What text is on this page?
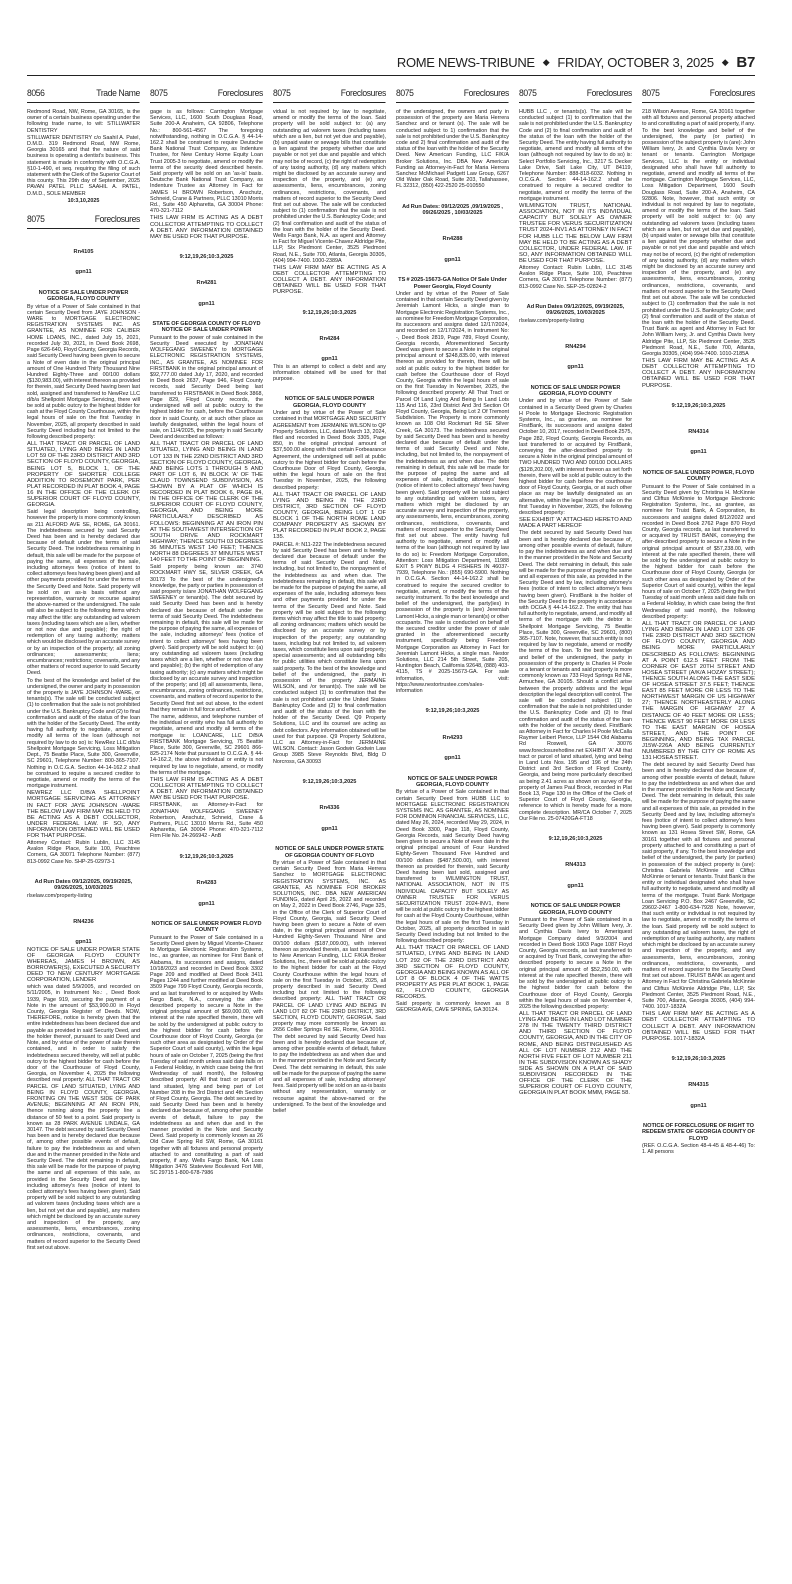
ROME NEWS-TRIBUNE ◆ FRIDAY, OCTOBER 3, 2025 ◆ B7
8056	Trade Name
Redmond Road, NW, Rome, GA 30165, is the owner of a certain business operating under the following trade name, to wit: STILLWATER DENTISTRY
STILLWATER DENTISTRY c/o Saahil A. Patel, D.M.D. 319 Redmond Road, NW Rome, Georgia 30165 and that the nature of said business is operating a dentist's business. This statement is made in conformity with O.C.G.A. §10-1-490, et seq. requiring the filing of such statement with the Clerk of the Superior Court of this county. This 29th day of September, 2025 PAVAN PATEL PLLC SAAHIL A. PATEL, D.M.D., SOLE MEMBER
10:3,10,2025
8075	Foreclosures
Rn4105
gpn11
NOTICE OF SALE UNDER POWER GEORGIA, FLOYD COUNTY
By virtue of a Power of Sale contained in that certain Security Deed from JAYE JOHNSON -WARE to MORTGAGE ELECTRONIC REGISTRATION SYSTEMS INC. AS GRANTEE, AS NOMINEE FOR CALIBER HOME LOANS, INC., dated July 15, 2021, recorded July 30, 2021, in Deed Book 2698, Page 626-640, Floyd County, Georgia Records, said Security Deed having been given to secure a Note of even date in the original principal amount of One Hundred Thirty Thousand Nine Hundred Eighty-Three and 00/100 dollars ($130,983.00), with interest thereon as provided for therein, said Security Deed having been last sold, assigned and transferred to NewRez LLC d/b/a Shellpoint Mortgage Servicing, there will be sold at public outcry to the highest bidder for cash at the Floyd County Courthouse, within the legal hours of sale on the first Tuesday in November, 2025, all property described in said Security Deed including but not limited to the following described property:
ALL THAT TRACT OR PARCEL OF LAND SITUATED, LYING AND BEING IN LAND LOT 59 OF THE 23RD DISTRICT AND 3RD SECTION OF FLOYD COUNTY, GEORGIA, BEING LOT 5, BLOCK 1, OF THE PROPERTY OF SHORTER COLLEGE ADDITION TO ROSEMONT PARK, PER PLAT RECORDED IN PLAT BOOK 4, PAGE 16 IN THE OFFICE OF THE CLERK OF SUPERIOR COURT OF FLOYD COUNTY, GEORGIA.
Said legal description being controlling, however the property is more commonly known as 211 ALFORD AVE SE, ROME, GA 30161. The indebtedness secured by said Security Deed has been and is hereby declared due because of default under the terms of said Security Deed. The indebtedness remaining in default, this sale will be made for the purpose of paying the same, all expenses of the sale, including attorneys fees (notice of intent to collect attorneys fees having been given) and all other payments provided for under the terms of the Security Deed and Note. Said property will be sold on an as-is basis without any representation, warranty or recourse against the above-named or the undersigned. The sale will also be subject to the following items which may affect the title: any outstanding ad valorem taxes (including taxes which are a lien, whether or not now due and payable); the right of redemption of any taxing authority; matters which would be disclosed by an accurate survey or by an inspection of the property; all zoning ordinances; assessments; liens; encumbrances; restrictions; covenants, and any other matters of record superior to said Security Deed.
To the best of the knowledge and belief of the undersigned, the owner and party in possession of the property is JAYE JOHNSON -WARE, or tenants(s). The sale will be conducted subject (1) to confirmation that the sale is not prohibited under the U.S. Bankruptcy Code and (2) to final confirmation and audit of the status of the loan with the holder of the Security Deed. The entity having full authority to negotiate, amend or modify all terms of the loan (although not required by law to do so) is: NewRez LLC d/b/a Shellpoint Mortgage Servicing, Loss Mitigation Dept., 75 Beattie Place, Suite 300, Greenville, SC 29601, Telephone Number: 800-365-7107. Nothing in O.C.G.A. Section 44-14-162.2 shall be construed to require a secured creditor to negotiate, amend or modify the terms of the mortgage instrument.
NEWREZ LLC D/B/A SHELLPOINT MORTGAGE SERVICING AS ATTORNEY IN FACT FOR JAYE JOHNSON -WARE THE BELOW LAW FIRM MAY BE HELD TO BE ACTING AS A DEBT COLLECTOR, UNDER FEDERAL LAW. IF SO, ANY INFORMATION OBTAINED WILL BE USED FOR THAT PURPOSE.
Attorney Contact: Rubin Lublin, LLC 3145 Avalon Ridge Place, Suite 100, Peachtree Corners, GA 30071 Telephone Number: (877) 813-0992 Case No. SHP-25-02973-1
Ad Run Dates 09/12/2025, 09/19/2025, 09/26/2025, 10/03/2025
rlselaw.com/property-listing
RN4236
gpn11
NOTICE OF SALE UNDER POWER STATE OF GEORGIA FLOYD COUNTY WHEREAS, JAMES H BROWN, AS BORROWER(S), EXECUTED A SECURITY DEED TO NEW CENTURY MORTGAGE CORPORATION, LENDER
which was dated 5/9/2005, and recorded on 5/11/2005, in Instrument No.: , Deed Book 1939, Page 919, securing the payment of a Note in the amount of $53,900.00 in Floyd County, Georgia Register of Deeds. NOW, THEREFORE, notice is hereby given that the entire indebtedness has been declared due and payable as provided in said Security Deed, and the holder thereof, pursuant to said Deed and Note, and by virtue of the power of sale therein contained, and in order to satisfy the indebtedness secured thereby, will sell at public outcry to the highest bidder for cash before the door of the Courthouse of Floyd County, Georgia, on November 4, 2025 the following described real property: ALL THAT TRACT OR PARCEL OF LAND SITUATED, LYING AND BEING IN FLOYD COUNTY, GEORGIA, FRONTING ON THE WEST SIDE OF PARK AVENUE; BEGINNING AT AN IRON PIN, thence running along the property line a distance of 50 feet to a point. Said property is known as 28 PARK AVENUE LINDALE, GA 30147. The debt secured by said Security Deed has been and is hereby declared due because of, among other possible events of default, failure to pay the indebtedness as and when due and in the manner provided in the Note and Security Deed. The debt remaining in default, this sale will be made for the purpose of paying the same and all expenses of this sale, as provided in the Security Deed and by law, including attorney's fees (notice of intent to collect attorney's fees having been given). Said property will be sold subject to any outstanding ad valorem taxes (including taxes which are a lien, but not yet due and payable), any matters which might be disclosed by an accurate survey and inspection of the property, any assessments, liens, encumbrances, zoning ordinances, restrictions, covenants, and matters of record superior to the Security Deed first set out above.
8075	Foreclosures
gage is as follows: Carrington Mortgage Services, LLC, 1600 South Douglass Road, Suite 200-A Anaheim, CA 92806, Telephone No.: 800-561-4567 The foregoing notwithstanding, nothing in O.C.G.A. § 44-14-162.2 shall be construed to require Deutsche Bank National Trust Company, as Indenture Trustee, for New Century Home Equity Loan Trust 2005-3 to negotiate, amend or modify the terms of the security deed described herein. Said property will be sold on an 'as-is' basis. Deutsche Bank National Trust Company, as Indenture Trustee as Attorney in Fact for JAMES H BROWN Robertson, Anschutz, Schneid, Crane & Partners, PLLC 13010 Morris Rd., Suite 450 Alpharetta, GA 30004 Phone: 470-321-7112
THIS LAW FIRM IS ACTING AS A DEBT COLLECTOR ATTEMPTING TO COLLECT A DEBT. ANY INFORMATION OBTAINED MAY BE USED FOR THAT PURPOSE.
9:12,19,26;10:3,2025
Rn4281
gpn11
STATE OF GEORGIA COUNTY OF FLOYD NOTICE OF SALE UNDER POWER
Pursuant to the power of sale contained in the Security Deed executed by JONATHAN WOLFEGANG SWEENEY to MORTGAGE ELECTRONIC REGISTRATION SYSTEMS, INC., AS GRANTEE, AS NOMINEE FOR FIRSTBANK in the original principal amount of $92,777.00 dated July 17, 2020, and recorded in Deed Book 2637, Page 946, Floyd County records, said Security Deed being last transferred to FIRSTBANK in Deed Book 3868, Page 829, Floyd County records, the undersigned will sell at public outcry to the highest bidder for cash, before the Courthouse door in said County, or at such other place as lawfully designated, within the legal hours of sale, on 11/4/2025, the property in said Security Deed and described as follows:
ALL THAT TRACT OR PARCEL OF LAND SITUATED, LYING AND BEING IN LAND LOT 133 IN THE 22ND DISTRICT AND 3RD SECTION OF FLOYD COUNTY, GEORGIA, AND BEING LOTS 1 THROUGH 5 AND PART OF LOT 6, IN BLOCK 'A' OF THE CLAUD TOWNSEND SUBDIVISION, AS SHOWN BY A PLAT OF WHICH IS RECORDED IN PLAT BOOK 6, PAGE 84, IN THE OFFICE OF THE CLERK OF THE SUPERIOR COURT OF FLOYD COUNTY, GEORGIA, AND BEING MORE PARTICULARLY DESCRIBED AS FOLLOWS: BEGINNING AT AN IRON PIN AT THE SOUTHWEST INTERSECTION OF SOUTH DRIVE AND ROCKMART HIGHWAY; THENCE SOUTH 03 DEGREES 36 MINUTES WEST 140 FEET; THENCE NORTH 88 DEGREES 37 MINUTES WEST 140 FEET TO THE POINT OF BEGINNING.
Said property being known as: 3740 ROCKMART HWY SE, SILVER CREEK, GA 30173 To the best of the undersigned's knowledge, the party or parties in possession of said property is/are JONATHAN WOLFEGANG SWEENEY or tenant(s). The debt secured by said Security Deed has been and is hereby declared due because of default under the terms of said Security Deed. The indebtedness remaining in default, this sale will be made for the purpose of paying the same, all expenses of the sale, including attorneys' fees (notice of intent to collect attorneys' fees having been given). Said property will be sold subject to: (a) any outstanding ad valorem taxes (including taxes which are a lien, whether or not now due and payable); (b) the right of redemption of any taxing authority; (c) any matters which might be disclosed by an accurate survey and inspection of the property; and (d) all assessments, liens, encumbrances, zoning ordinances, restrictions, covenants, and matters of record superior to the Security Deed first set out above, to the extent that they remain in full force and effect.
The name, address, and telephone number of the individual or entity who has full authority to negotiate, amend and modify all terms of the mortgage is: LOANCARE, LLC D/B/A FIRSTBANK Mortgage Servicing, 75 Beattie Place, Suite 300, Greenville, SC 29601 866-825-2174 Note that pursuant to O.C.G.A. § 44-14-162.2, the above individual or entity is not required by law to negotiate, amend, or modify the terms of the mortgage.
THIS LAW FIRM IS ACTING AS A DEBT COLLECTOR ATTEMPTING TO COLLECT A DEBT. ANY INFORMATION OBTAINED MAY BE USED FOR THAT PURPOSE.
FIRSTBANK, as Attorney-in-Fact for JONATHAN WOLFEGANG SWEENEY Robertson, Anschutz, Schneid, Crane & Partners, PLLC 13010 Morris Rd., Suite 450 Alpharetta, GA 30004 Phone: 470-321-7112 Firm File No. 24-266942 - AnB
9:12,19,26;10:3,2025
Rn4283
gpn11
NOTICE OF SALE UNDER POWER FLOYD COUNTY
Pursuant to the Power of Sale contained in a Security Deed given by Miguel Vicente-Chavez to Mortgage Electronic Registration Systems, Inc., as grantee, as nominee for First Bank of Alabama, its successors and assigns, dated 10/18/2023 and recorded in Deed Book 3302 Page 209 and modified at Deed Book 3411 Pages 1244 and further modified at Deed Book 3509 Page 799 Floyd County, Georgia records, and as last transferred to or acquired by Wells Fargo Bank, N.A., conveying the after-described property to secure a Note in the original principal amount of $69,000.00, with interest at the rate specified therein, there will be sold by the undersigned at public outcry to the highest bidder for cash before the Courthouse door of Floyd County, Georgia (or such other area as designated by Order of the Superior Court of said county), within the legal hours of sale on October 7, 2025 (being the first Tuesday of said month unless said date falls on a Federal Holiday, in which case being the first Wednesday of said month), the following described property: All that tract or parcel of land situated, lying and being part of Lot Number 208 in the 3rd District and 4th Section of Floyd County, Georgia. The debt secured by said Security Deed has been and is hereby declared due because of, among other possible events of default, failure to pay the indebtedness as and when due and in the manner provided in the Note and Security Deed. Said property is commonly known as 26 Old Cave Spring Rd SW, Rome, GA 30161 together with all fixtures and personal property attached to and constituting a part of said property, if any. Wells Fargo Bank, NA Loss Mitigation 3476 Stateview Boulevard Fort Mill, SC 29715 1-800-678-7986
8075	Foreclosures
vidual is not required by law to negotiate, amend or modify the terms of the loan. Said property will be sold subject to: (a) any outstanding ad valorem taxes (including taxes which are a lien, but not yet due and payable), (b) unpaid water or sewage bills that constitute a lien against the property whether due and payable or not yet due and payable and which may not be of record, (c) the right of redemption of any taxing authority, (d) any matters which might be disclosed by an accurate survey and inspection of the property, and (e) any assessments, liens, encumbrances, zoning ordinances, restrictions, covenants, and matters of record superior to the Security Deed first set out above. The sale will be conducted subject to (1) confirmation that the sale is not prohibited under the U.S. Bankruptcy Code; and (2) final confirmation and audit of the status of the loan with the holder of the Security Deed. Wells Fargo Bank, N.A. as agent and Attorney in Fact for Miguel Vicente-Chavez Aldridge Pite, LLP, Six Piedmont Center, 3525 Piedmont Road, N.E., Suite 700, Atlanta, Georgia 30305, (404) 994-7400. 1000-2389A
THIS LAW FIRM MAY BE ACTING AS A DEBT COLLECTOR ATTEMPTING TO COLLECT A DEBT. ANY INFORMATION OBTAINED WILL BE USED FOR THAT PURPOSE.
9:12,19,26;10:3,2025
Rn4284
gpn11
This is an attempt to collect a debt and any information obtained will be used for that purpose.
NOTICE OF SALE UNDER POWER GEORGIA, FLOYD COUNTY
Under and by virtue of the Power of Sale contained in that MORTGAGE AND SECURITY AGREEMENT from JERMAINE WILSON to QP Property Solutions, LLC, dated March 13, 2024, filed and recorded in Deed Book 3305, Page 850, in the original principal amount of $37,500.00 along with that certain Forbearance Agreement, the undersigned will sell at public outcry to the highest bidder for cash before the Courthouse Door of Floyd County, Georgia, within the legal hours of sale on the first Tuesday in November, 2025, the following described property:
ALL THAT TRACT OR PARCEL OF LAND LYING AND BEING IN THE 23RD DISTRICT, 3RD SECTION OF FLOYD COUNTY, GEORGIA, BEING LOT 1 OF BLOCK 1 OF THE NORTH ROME LAND COMPANY PROPERTY AS SHOWN BY PLAT RECORDED IN PLAT BOOK 2, PAGE 135.
PARCEL #: N11-222 The indebtedness secured by said Security Deed has been and is hereby declared due because of default under the terms of said Security Deed and Note, including, but not limited to, the nonpayment of the indebtedness as and when due. The indebtedness remaining in default, this sale will be made for the purpose of paying the same, all expenses of the sale, including attorneys fees and other payments provided for under the terms of the Security Deed and Note. Said property will be sold subject to the following items which may affect the title to said property: all zoning ordinances; matters which would be disclosed by an accurate survey or by inspection of the property; any outstanding taxes, including but not limited to, ad valorem taxes, which constitute liens upon said property; special assessments; and all outstanding bills for public utilities which constitute liens upon said property. To the best of the knowledge and belief of the undersigned, the party in possession of the property JERMAINE WILSON, and /or tenant(s). The sale will be conducted subject (1) to confirmation that the sale is not prohibited under the United States Bankruptcy Code and (2) to final confirmation and audit of the status of the loan with the holder of the Security Deed. Q9 Property Solutions, LLC and its counsel are acting as debt collectors. Any information obtained will be used for that purpose. Q9 Property Solutions, LLC as Attorney-in-Fact for JERMAINE WILSON. Contact: Jason Godwin Godwin Law Group 3985 Steve Reynolds Blvd, Bldg D Norcross, GA 30093
9:12,19,26;10:3,2025
Rn4336
gpn11
NOTICE OF SALE UNDER POWER STATE OF GEORGIA COUNTY OF FLOYD
By virtue of a Power of Sale contained in that certain Security Deed from Maria Herrera Sanchez to MORTGAGE ELECTRONIC REGISTRATION SYSTEMS, INC. AS GRANTEE, AS NOMINEE FOR BROKER SOLUTIONS, INC. DBA NEW AMERICAN FUNDING, dated April 25, 2022 and recorded on May 2, 2022 in Deed Book 2746, Page 325, in the Office of the Clerk of Superior Court of Floyd County, Georgia, said Security Deed having been given to secure a Note of even date, in the original principal amount of One Hundred Eighty-Seven Thousand Nine and 00/100 dollars ($187,009.00), with interest thereon as provided therein, as last transferred to New American Funding, LLC F/K/A Broker Solutions, Inc., there will be sold at public outcry to the highest bidder for cash at the Floyd County Courthouse within the legal hours of sale on the first Tuesday in October, 2025, all property described in said Security Deed including but not limited to the following described property: ALL THAT TRACT OR PARCEL OF LAND LYING AND BEING IN LAND LOT 82 OF THE 23RD DISTRICT, 3RD SECTION, FLOYD COUNTY, GEORGIA. Said property may more commonly be known as 2656 Collier Springs Rd SE, Rome, GA 30161. The debt secured by said Security Deed has been and is hereby declared due because of, among other possible events of default, failure to pay the indebtedness as and when due and in the manner provided in the Note and Security Deed. The debt remaining in default, this sale will be made for the purpose of paying the same and all expenses of sale, including attorneys' fees. Said property will be sold on an as-is basis without any representation, warranty or recourse against the above-named or the undersigned. To the best of the knowledge and belief
8075	Foreclosures
of the undersigned, the owners and party in possession of the property are Maria Herrera Sanchez and or tenant (s). The sale will be conducted subject to 1) confirmation that the sale is not prohibited under the U.S. Bankruptcy code and 2) final confirmation and audit of the status of the loan with the holder of the Security Deed. New American Funding, LLC F/K/A Broker Solutions, Inc. DBA New American Funding as Attorney-in-Fact for Maria Herrera Sanchez McMichael Padgett Law Group, 6267 Old Water Oak Road, Suite 203, Tallahassee, FL 32312, (850) 422-2520 25-010550
Ad Run Dates: 09/12/2025 ,09/19/2025 , 09/26/2025 , 10/03/2025
Rn4288
gpn11
TS # 2025-15673-GA Notice Of Sale Under Power Georgia, Floyd County
Under and by virtue of the Power of Sale contained in that certain Security Deed given by Jeremiah Lamont Hicks, a single man to Mortgage Electronic Registration Systems, Inc., as nominee for Freedom Mortgage Corporation, its successors and assigns dated 12/17/2024, and recorded on 12/17/2024, in Instrument No: -, Deed Book 2819, Page 789, Floyd County, Georgia records, Aforementioned Security Deed was given to secure a Note in the original principal amount of $248,835.00, with interest thereon as provided for therein, there will be sold at public outcry to the highest bidder for cash before the Courthouse door of Floyd County, Georgia within the legal hours of sale on the first Tuesday in November, 2025, the following described property: All That Tract or Parcel Of Land Lying And Being In Land Lots 115 And 116, 23rd District And 3rd Section Of Floyd County, Georgia, Being Lot 2 Of Tremont Subdivision. The Property is more commonly known as 108 Old Rockmart Rd SE Silver Creek, GA 30173. The indebtedness secured by said Security Deed has been and is hereby declared due because of default under the terms of said Security Deed and Note, including, but not limited to, the nonpayment of the indebtedness as and when due. The debt remaining in default, this sale will be made for the purpose of paying the same and all expenses of sale, including attorneys' fees (notice of intent to collect attorneys' fees having been given). Said property will be sold subject to any outstanding ad valorem taxes, any matters which might be disclosed by an accurate survey and inspection of the property, any assessments, liens, encumbrances, zoning ordinances, restrictions, covenants, and matters of record superior to the Security Deed first set out above. The entity having full authority to negotiate, amend or modify all terms of the loan (although not required by law to do so) is: Freedom Mortgage Corporation, Attention: Loss Mitigation Department, 11988 EXIT 5 PKWY BLDG 4 FISHERS IN 46037-7939, Telephone No.: (855) 690-5900. Nothing in O.C.G.A. Section 44-14-162.2 shall be construed to require the secured creditor to negotiate, amend, or modify the terms of the security instrument. To the best knowledge and belief of the undersigned, the party(ies) in possession of the property is (are) Jeremiah Lamont Hicks, a single man or tenant(s) or other occupants. The sale is conducted on behalf of the secured creditor under the power of sale granted in the aforementioned security instrument, specifically being Freedom Mortgage Corporation as Attorney in Fact for Jeremiah Lamont Hicks, a single man. Nestor Solutions, LLC 214 5th Street, Suite 205, Huntington Beach, California 92648, (888) 403-4115, TS # 2025-15673-GA. For sale information, visit: https://www.nestortrustee.com/sales-information
9:12,19,26;10:3,2025
Rn4293
gpn11
NOTICE OF SALE UNDER POWER GEORGIA, FLOYD COUNTY
By virtue of a Power of Sale contained in that certain Security Deed from HUBB LLC to MORTGAGE ELECTRONIC REGISTRATION SYSTEMS INC. AS GRANTEE, AS NOMINEE FOR DOMINION FINANCIAL SERVICES, LLC, dated May 26, 2024, recorded May 29, 2024, in Deed Book 3300, Page 118, Floyd County, Georgia Records, said Security Deed having been given to secure a Note of even date in the original principal amount of Four Hundred Eighty-Seven Thousand Five Hundred and 00/100 dollars ($487,500.00), with interest thereon as provided for therein, said Security Deed having been last sold, assigned and transferred to WILMINGTON TRUST, NATIONAL ASSOCIATION, NOT IN ITS INDIVIDUAL CAPACITY BUT SOLELY AS OWNER TRUSTEE FOR VERUS SECURITIZATION TRUST 2024-INV1, there will be sold at public outcry to the highest bidder for cash at the Floyd County Courthouse, within the legal hours of sale on the first Tuesday in October, 2025, all property described in said Security Deed including but not limited to the following described property:
ALL THAT TRACT OR PARCEL OF LAND SITUATED, LYING AND BEING IN LAND LOT 292 OF THE 23RD DISTRICT AND 3RD SECTION OF FLOYD COUNTY, GEORGIA AND BEING KNOWN AS ALL OF LOT 8 OF BLOCK 4 OF THE WATTS PROPERTY AS PER PLAT BOOK 1, PAGE 62, FLOYD COUNTY, GEORGIA RECORDS.
Said property is commonly known as 8 GEORGIA AVE, CAVE SPRING, GA 30124.
8075	Foreclosures
HUBB LLC , or tenants(s). The sale will be conducted subject (1) to confirmation that the sale is not prohibited under the U.S. Bankruptcy Code and (2) to final confirmation and audit of the status of the loan with the holder of the Security Deed. The entity having full authority to negotiate, amend and modify all terms of the loan (although not required by law to do so) is: Select Portfolio Servicing, Inc., 3217 S. Decker Lake Drive, Salt Lake City, UT 84119, Telephone Number: 888-818-6032. Nothing in O.C.G.A. Section 44-14-162.2 shall be construed to require a secured creditor to negotiate, amend or modify the terms of the mortgage instrument.
WILMINGTON TRUST, NATIONAL ASSOCIATION, NOT IN ITS INDIVIDUAL CAPACITY BUT SOLELY AS OWNER TRUSTEE FOR VERUS SECURITIZATION TRUST 2024-INV1 AS ATTORNEY IN FACT FOR HUBB LLC THE BELOW LAW FIRM MAY BE HELD TO BE ACTING AS A DEBT COLLECTOR, UNDER FEDERAL LAW. IF SO, ANY INFORMATION OBTAINED WILL BE USED FOR THAT PURPOSE.
Attorney Contact: Rubin Lublin, LLC 3145 Avalon Ridge Place, Suite 100, Peachtree Corners, GA 30071 Telephone Number: (877) 813-0992 Case No. SEP-25-02824-2
Ad Run Dates 09/12/2025, 09/19/2025, 09/26/2025, 10/03/2025
rlselaw.com/property-listing
RN4294
gpn11
NOTICE OF SALE UNDER POWER GEORGIA, FLOYD COUNTY
Under and by virtue of the Power of Sale contained in a Security Deed given by Charles H Poole to Mortgage Electronic Registration Systems, Inc., as grantee, as nominee for FirstBank, its successors and assigns dated October 10, 2017, recorded in Deed Book 2575, Page 282, Floyd County, Georgia Records, as last transferred to or acquired by FirstBank, conveying the after-described property to secure a Note in the original principal amount of TWO HUNDRED TWO AND 00/100 DOLLARS ($128,202.00), with interest thereon as set forth therein, there will be sold at public outcry to the highest bidder for cash before the courthouse door of Floyd County, Georgia, or at such other place as may be lawfully designated as an alternative, within the legal hours of sale on the first Tuesday in November, 2025, the following described property:
SEE EXHIBIT 'A' ATTACHED HERETO AND MADE A PART HEREOF
The debt secured by said Security Deed has been and is hereby declared due because of, among other possible events of default, failure to pay the indebtedness as and when due and in the manner provided in the Note and Security Deed. The debt remaining in default, this sale will be made for the purpose of paying the same and all expenses of this sale, as provided in the Security Deed and by law, including attorney's fees (notice of intent to collect attorney's fees having been given). FirstBank is the holder of the Security Deed to the property in accordance with OCGA § 44-14-162.2. The entity that has full authority to negotiate, amend, and modify all terms of the mortgage with the debtor is: Shellpoint Mortgage Servicing, 75 Beattie Place, Suite 300, Greenville, SC 29601, (800) 365-7107. Note, however, that such entity is not required by law to negotiate, amend or modify the terms of the loan. To the best knowledge and belief of the undersigned, the party in possession of the property is Charles H Poole or a tenant or tenants and said property is more commonly known as 733 Floyd Springs Rd NE, Armuchee, GA 30105. Should a conflict arise between the property address and the legal description the legal description will control. The sale will be conducted subject (1) to confirmation that the sale is not prohibited under the U.S. Bankruptcy Code and (2) to final confirmation and audit of the status of the loan with the holder of the security deed. FirstBank as Attorney in Fact for Charles H Poole McCalla Raymer Leibert Pierce, LLP 1544 Old Alabama Rd Roswell, GA 30076 www.foreclosurehotline.net EXHIBIT 'A' All that tract or parcel of land situated, lying and being in Land Lots Nos. 195 and 196 of the 24th District and 3rd Section of Floyd County, Georgia, and being more particularly described as being 2.41 acres as shown on survey of the property of James Paul Brock, recorded in Plat Book 13, Page 130 in the Office of the Clerk of Superior Court of Floyd County, Georgia, reference to which is hereby made for a more complete description. MR/CA October 7, 2025 Our File no. 25-07420GA-FT18
9:12,19,26;10:3,2025
RN4313
gpn11
NOTICE OF SALE UNDER POWER GEORGIA, FLOYD COUNTY
Pursuant to the Power of Sale contained in a Security Deed given by John William Ivery, Jr. and Cynthia Davis Ivery to Ameriquest Mortgage Company dated 9/3/2004 and recorded in Deed Book 1903 Page 1087 Floyd County, Georgia records, as last transferred to or acquired by Trust Bank, conveying the after-described property to secure a Note in the original principal amount of $52,250.00, with interest at the rate specified therein, there will be sold by the undersigned at public outcry to the highest bidder for cash before the Courthouse door of Floyd County, Georgia within the legal hours of sale on November 4, 2025 the following described property:
ALL THAT TRACT OR PARCEL OF LAND LYING AND BEING IN LAND LOT NUMBER 278 IN THE TWENTY THIRD DISTRICT AND THIRD SECTION OF FLOYD COUNTY, GEORGIA, AND IN THE CITY OF ROME, AND BEING DISTINGUISHED AS ALL OF LOT NUMBER 212 AND THE NORTH FIVE FEET OF LOT NUMBER 211 IN THE SUBDIVISION KNOWN AS SHADY SIDE AS SHOWN ON A PLAT OF SAID SUBDIVISION RECORDED IN THE OFFICE OF THE CLERK OF THE SUPERIOR COURT OF FLOYD COUNTY, GEORGIA IN PLAT BOOK MMM, PAGE 58.
8075	Foreclosures
218 Wilson Avenue, Rome, GA 30161 together with all fixtures and personal property attached to and constituting a part of said property, if any. To the best knowledge and belief of the undersigned, the party (or parties) in possession of the subject property is (are): John William Ivery, Jr. and Cynthia Davis Ivery or tenant or tenants. Carrington Mortgage Services, LLC is the entity or individual designated who shall have full authority to negotiate, amend and modify all terms of the mortgage. Carrington Mortgage Services, LLC, Loss Mitigation Department, 1600 South Douglass Road, Suite 200-A, Anaheim, CA 92806. Note, however, that such entity or individual is not required by law to negotiate, amend or modify the terms of the loan. Said property will be sold subject to: (a) any outstanding ad valorem taxes (including taxes which are a lien, but not yet due and payable), (b) unpaid water or sewage bills that constitute a lien against the property whether due and payable or not yet due and payable and which may not be of record, (c) the right of redemption of any taxing authority, (d) any matters which might be disclosed by an accurate survey and inspection of the property, and (e) any assessments, liens, encumbrances, zoning ordinances, restrictions, covenants, and matters of record superior to the Security Deed first set out above. The sale will be conducted subject to (1) confirmation that the sale is not prohibited under the U.S. Bankruptcy Code; and (2) final confirmation and audit of the status of the loan with the holder of the Security Deed. Trust Bank as agent and Attorney in Fact for John William Ivery, Jr. and Cynthia Davis Ivery Aldridge Pite, LLP, Six Piedmont Center, 3525 Piedmont Road, N.E., Suite 700, Atlanta, Georgia 30305, (404) 994-7400. 1010-2185A
THIS LAW FIRM MAY BE ACTING AS A DEBT COLLECTOR ATTEMPTING TO COLLECT A DEBT. ANY INFORMATION OBTAINED WILL BE USED FOR THAT PURPOSE.
9:12,19,26;10:3,2025
RN4314
gpn11
NOTICE OF SALE UNDER POWER, FLOYD COUNTY
Pursuant to the Power of Sale contained in a Security Deed given by Christina H. McKinnie and Cliftus McKinnie to Mortgage Electronic Registration Systems, Inc., as grantee, as nominee for Truist Bank, A Corporation, its successors and assigns dated 8/12/2022 and recorded in Deed Book 2762 Page 870 Floyd County, Georgia records, as last transferred to or acquired by TRUIST BANK, conveying the after-described property to secure a Note in the original principal amount of $57,238.00, with interest at the rate specified therein, there will be sold by the undersigned at public outcry to the highest bidder for cash before the Courthouse door of Floyd County, Georgia (or such other area as designated by Order of the Superior Court of said county), within the legal hours of sale on October 7, 2025 (being the first Tuesday of said month unless said date falls on a Federal Holiday, in which case being the first Wednesday of said month), the following described property:
ALL THAT TRACT OR PARCEL OF LAND LYING AND BEING IN LAND LOT 326 OF THE 23RD DISTRICT AND 3RD SECTION OF FLOYD COUNTY, GEORGIA AND BEING MORE PARTICULARLY DESCRIBED AS FOLLOWS: BEGINNING AT A POINT 612.5 FEET FROM THE CORNER OF EAST 20TH STREET AND HOSEA STREET (A/K/A HOZAY STREET); THENCE SOUTH ALONG THE EAST SIDE OF HOSEA STREET 37.5 FEET; THENCE EAST 85 FEET MORE OR LESS TO THE NORTHWEST MARGIN OF US HIGHWAY 27; THENCE NORTHEASTERLY ALONG THE MARGIN OF HIGHWAY 27 A DISTANCE OF 40 FEET MORE OR LESS; THENCE WEST 90 FEET MORE OR LESS TO THE EAST MARGIN OF HOSEA STREET, AND THE POINT OF BEGINNING, AND BEING TAX PARCEL J15W-226A AND BEING CURRENTLY NUMBERED BY THE CITY OF ROME AS 131 HOSEA STREET.
The debt secured by said Security Deed has been and is hereby declared due because of, among other possible events of default, failure to pay the indebtedness as and when due and in the manner provided in the Note and Security Deed. The debt remaining in default, this sale will be made for the purpose of paying the same and all expenses of this sale, as provided in the Security Deed and by law, including attorney's fees (notice of intent to collect attorney's fees having been given). Said property is commonly known as 131 Hosea Street SW, Rome, GA 30161 together with all fixtures and personal property attached to and constituting a part of said property, if any. To the best knowledge and belief of the undersigned, the party (or parties) in possession of the subject property is (are): Christina Gabriela McKinnie and Cliftus McKinnie or tenant or tenants. Truist Bank is the entity or individual designated who shall have full authority to negotiate, amend and modify all terms of the mortgage. Truist Bank Mortgage Loan Servicing P.O. Box 2467 Greenville, SC 29602-2467 1-800-634-7928 Note, however, that such entity or individual is not required by law to negotiate, amend or modify the terms of the loan. Said property will be sold subject to any outstanding ad valorem taxes, the right of redemption of any taxing authority, any matters which might be disclosed by an accurate survey and inspection of the property, and any assessments, liens, encumbrances, zoning ordinances, restrictions, covenants, and matters of record superior to the Security Deed first set out above. TRUIST BANK as agent and Attorney in Fact for Christina Gabriela McKinnie and Cliftus McKinnie Aldridge Pite, LLP, Six Piedmont Center, 3525 Piedmont Road, N.E., Suite 700, Atlanta, Georgia 30305, (404) 994-7400. 1017-1832A
THIS LAW FIRM MAY BE ACTING AS A DEBT COLLECTOR ATTEMPTING TO COLLECT A DEBT. ANY INFORMATION OBTAINED WILL BE USED FOR THAT PURPOSE. 1017-1832A
9:12,19,26;10:3,2025
RN4315
gpn11
NOTICE OF FORECLOSURE OF RIGHT TO REDEEM STATE OF GEORGIA COUNTY OF FLOYD
(REF. O.C.G.A. Section 48-4-45 & 48-4-46) To: 1. All persons
